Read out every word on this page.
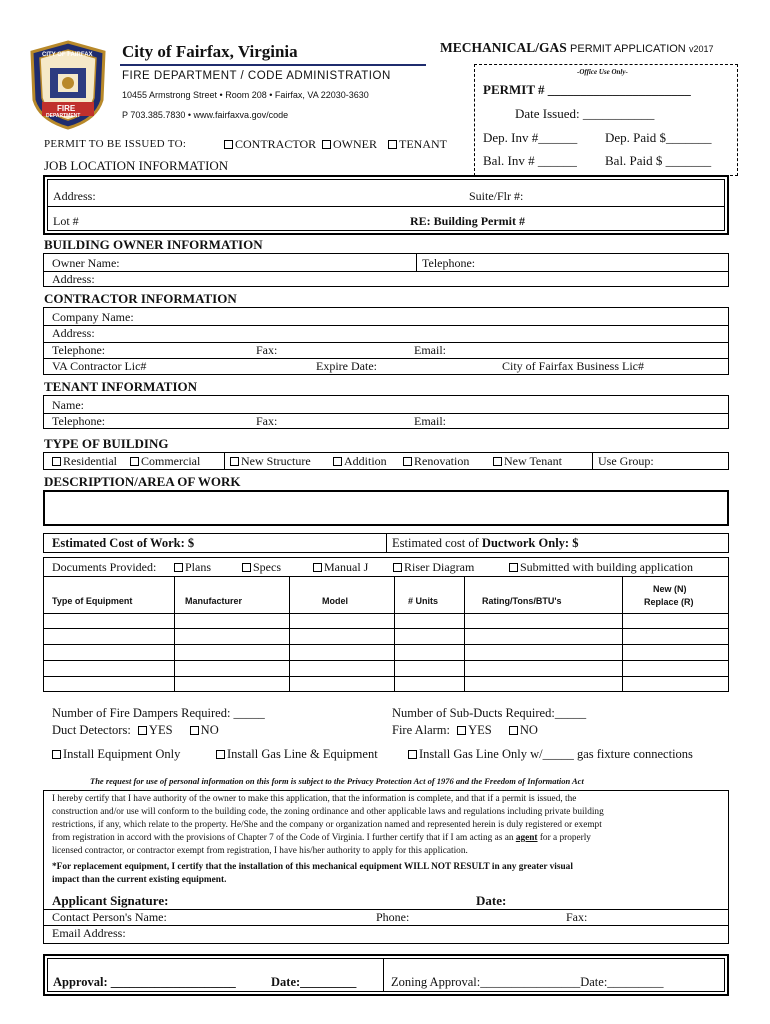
CITY OF FAIRFAX
FIRE
DEPARTMENT
City of Fairfax, Virginia
FIRE DEPARTMENT / CODE ADMINISTRATION
10455 Armstrong Street • Room 208 • Fairfax, VA 22030-3630
P 703.385.7830 • www.fairfaxva.gov/code
MECHANICAL/GAS PERMIT APPLICATION v2017
-Office Use Only-
PERMIT # ______________________
Date Issued: ___________
Dep. Inv #______ Dep. Paid $_______
Bal. Inv # ______ Bal. Paid $ _______
PERMIT TO BE ISSUED TO:	CONTRACTOR	OWNER	TENANT
JOB LOCATION INFORMATION
Address:	Suite/Flr #:
Lot #	RE: Building Permit #
BUILDING OWNER INFORMATION
Owner Name:	Telephone:
Address:
CONTRACTOR INFORMATION
Company Name:
Address:
Telephone:	Fax:	Email:
VA Contractor Lic#	Expire Date:	City of Fairfax Business Lic#
TENANT INFORMATION
Name:
Telephone:	Fax:	Email:
TYPE OF BUILDING
Residential	Commercial	New Structure	Addition	Renovation	New Tenant	Use Group:
DESCRIPTION/AREA OF WORK
Estimated Cost of Work: $	Estimated cost of Ductwork Only: $
Documents Provided:	Plans	Specs	Manual J	Riser Diagram	Submitted with building application
Type of Equipment	Manufacturer	Model	# Units	Rating/Tons/BTU's
New (N)
Replace (R)
Number of Fire Dampers Required: _____	Number of Sub-Ducts Required:_____
Duct Detectors: YES NO	Fire Alarm: YES NO
Install Equipment Only	Install Gas Line & Equipment	Install Gas Line Only w/_____ gas fixture connections
The request for use of personal information on this form is subject to the Privacy Protection Act of 1976 and the Freedom of Information Act
I hereby certify that I have authority of the owner to make this application, that the information is complete, and that if a permit is issued, the
construction and/or use will conform to the building code, the zoning ordinance and other applicable laws and regulations including private building
restrictions, if any, which relate to the property. He/She and the company or organization named and represented herein is duly registered or exempt
from registration in accord with the provisions of Chapter 7 of the Code of Virginia. I further certify that if I am acting as an agent for a properly
licensed contractor, or contractor exempt from registration, I have his/her authority to apply for this application.
*For replacement equipment, I certify that the installation of this mechanical equipment WILL NOT RESULT in any greater visual
impact than the current existing equipment.
Applicant Signature:	Date:
Contact Person's Name:	Phone:	Fax:
Email Address:
Approval: ____________________	Date:_________	Zoning Approval:________________Date:_________
